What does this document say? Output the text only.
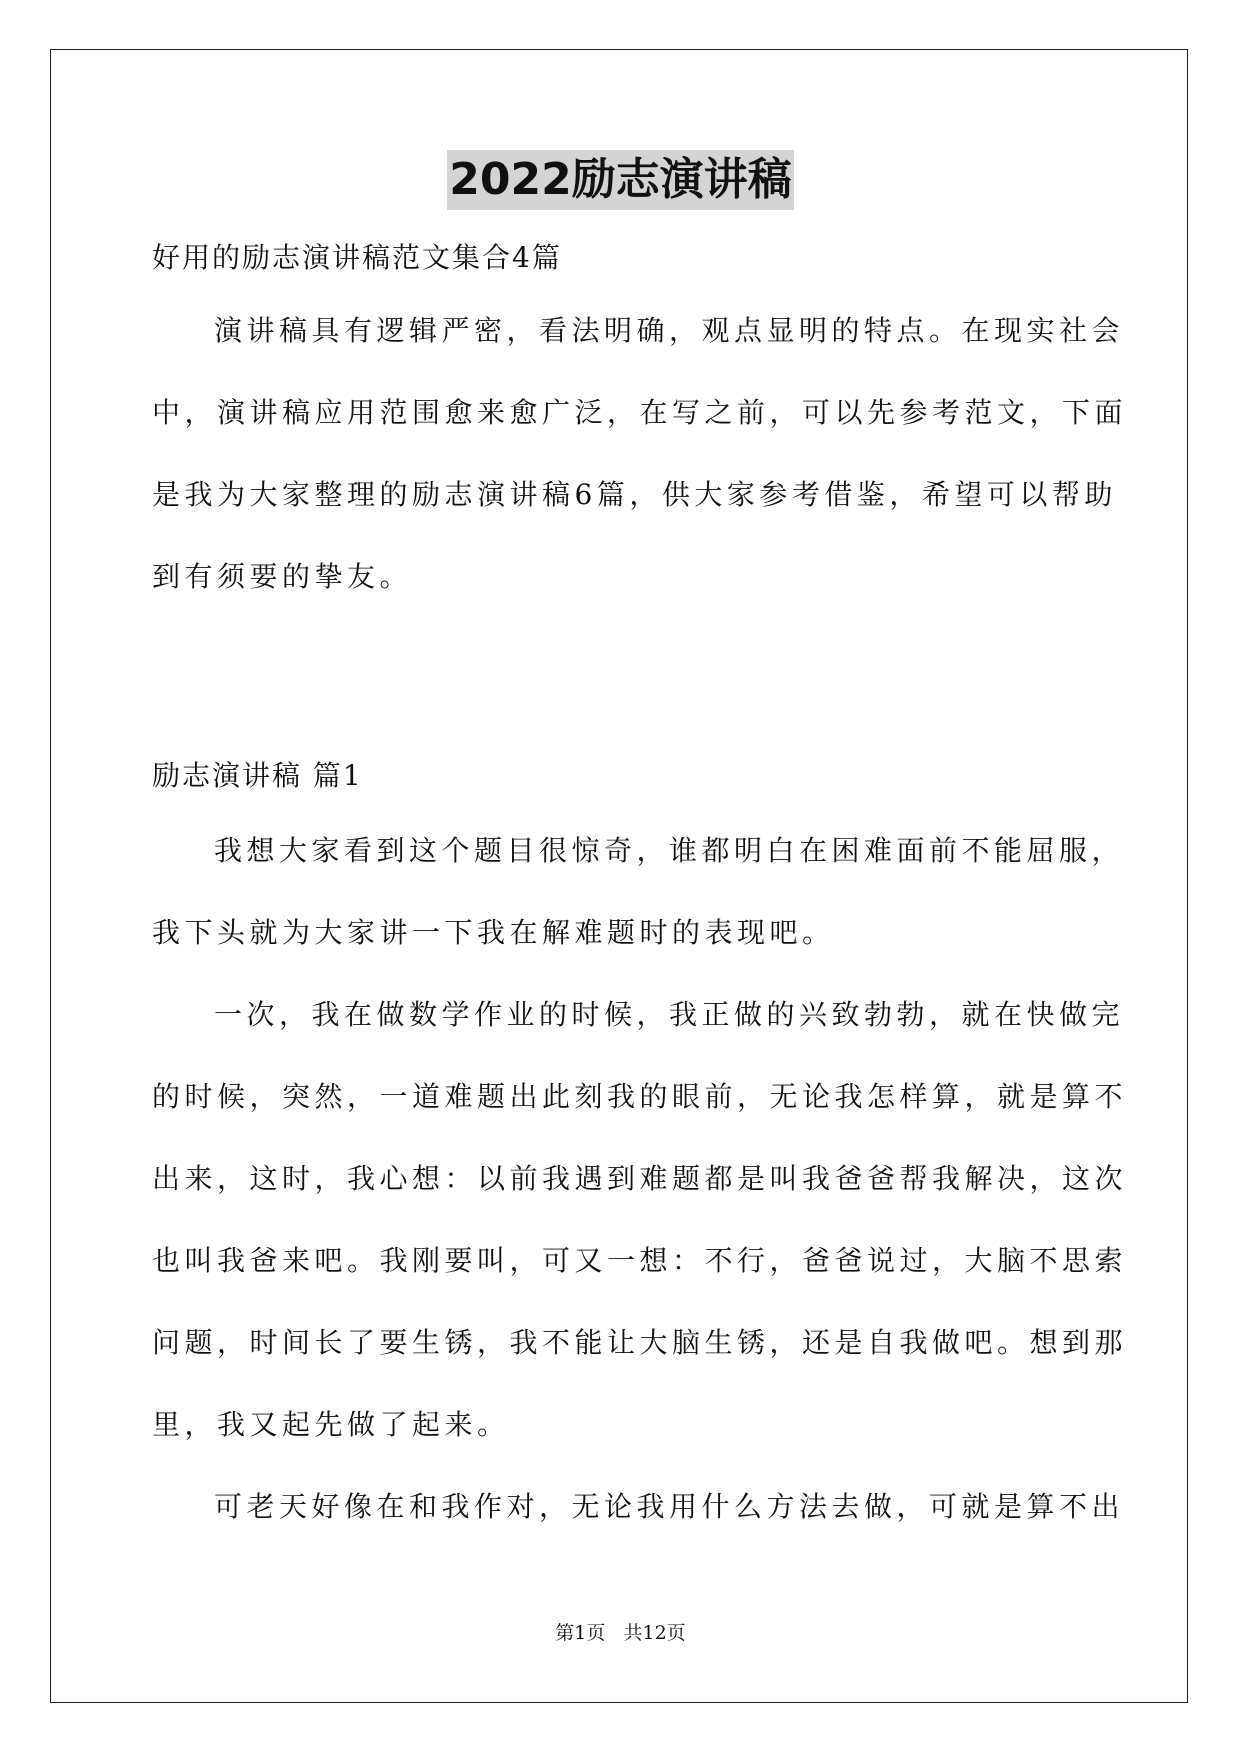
2022励志演讲稿
好用的励志演讲稿范文集合4篇
演讲稿具有逻辑严密，看法明确，观点显明的特点。在现实社会
中，演讲稿应用范围愈来愈广泛，在写之前，可以先参考范文，下面
是我为大家整理的励志演讲稿6篇，供大家参考借鉴，希望可以帮助
到有须要的挚友。
励志演讲稿 篇1
我想大家看到这个题目很惊奇，谁都明白在困难面前不能屈服，
我下头就为大家讲一下我在解难题时的表现吧。
一次，我在做数学作业的时候，我正做的兴致勃勃，就在快做完
的时候，突然，一道难题出此刻我的眼前，无论我怎样算，就是算不
出来，这时，我心想：以前我遇到难题都是叫我爸爸帮我解决，这次
也叫我爸来吧。我刚要叫，可又一想：不行，爸爸说过，大脑不思索
问题，时间长了要生锈，我不能让大脑生锈，还是自我做吧。想到那
里，我又起先做了起来。
可老天好像在和我作对，无论我用什么方法去做，可就是算不出
第1页   共12页
